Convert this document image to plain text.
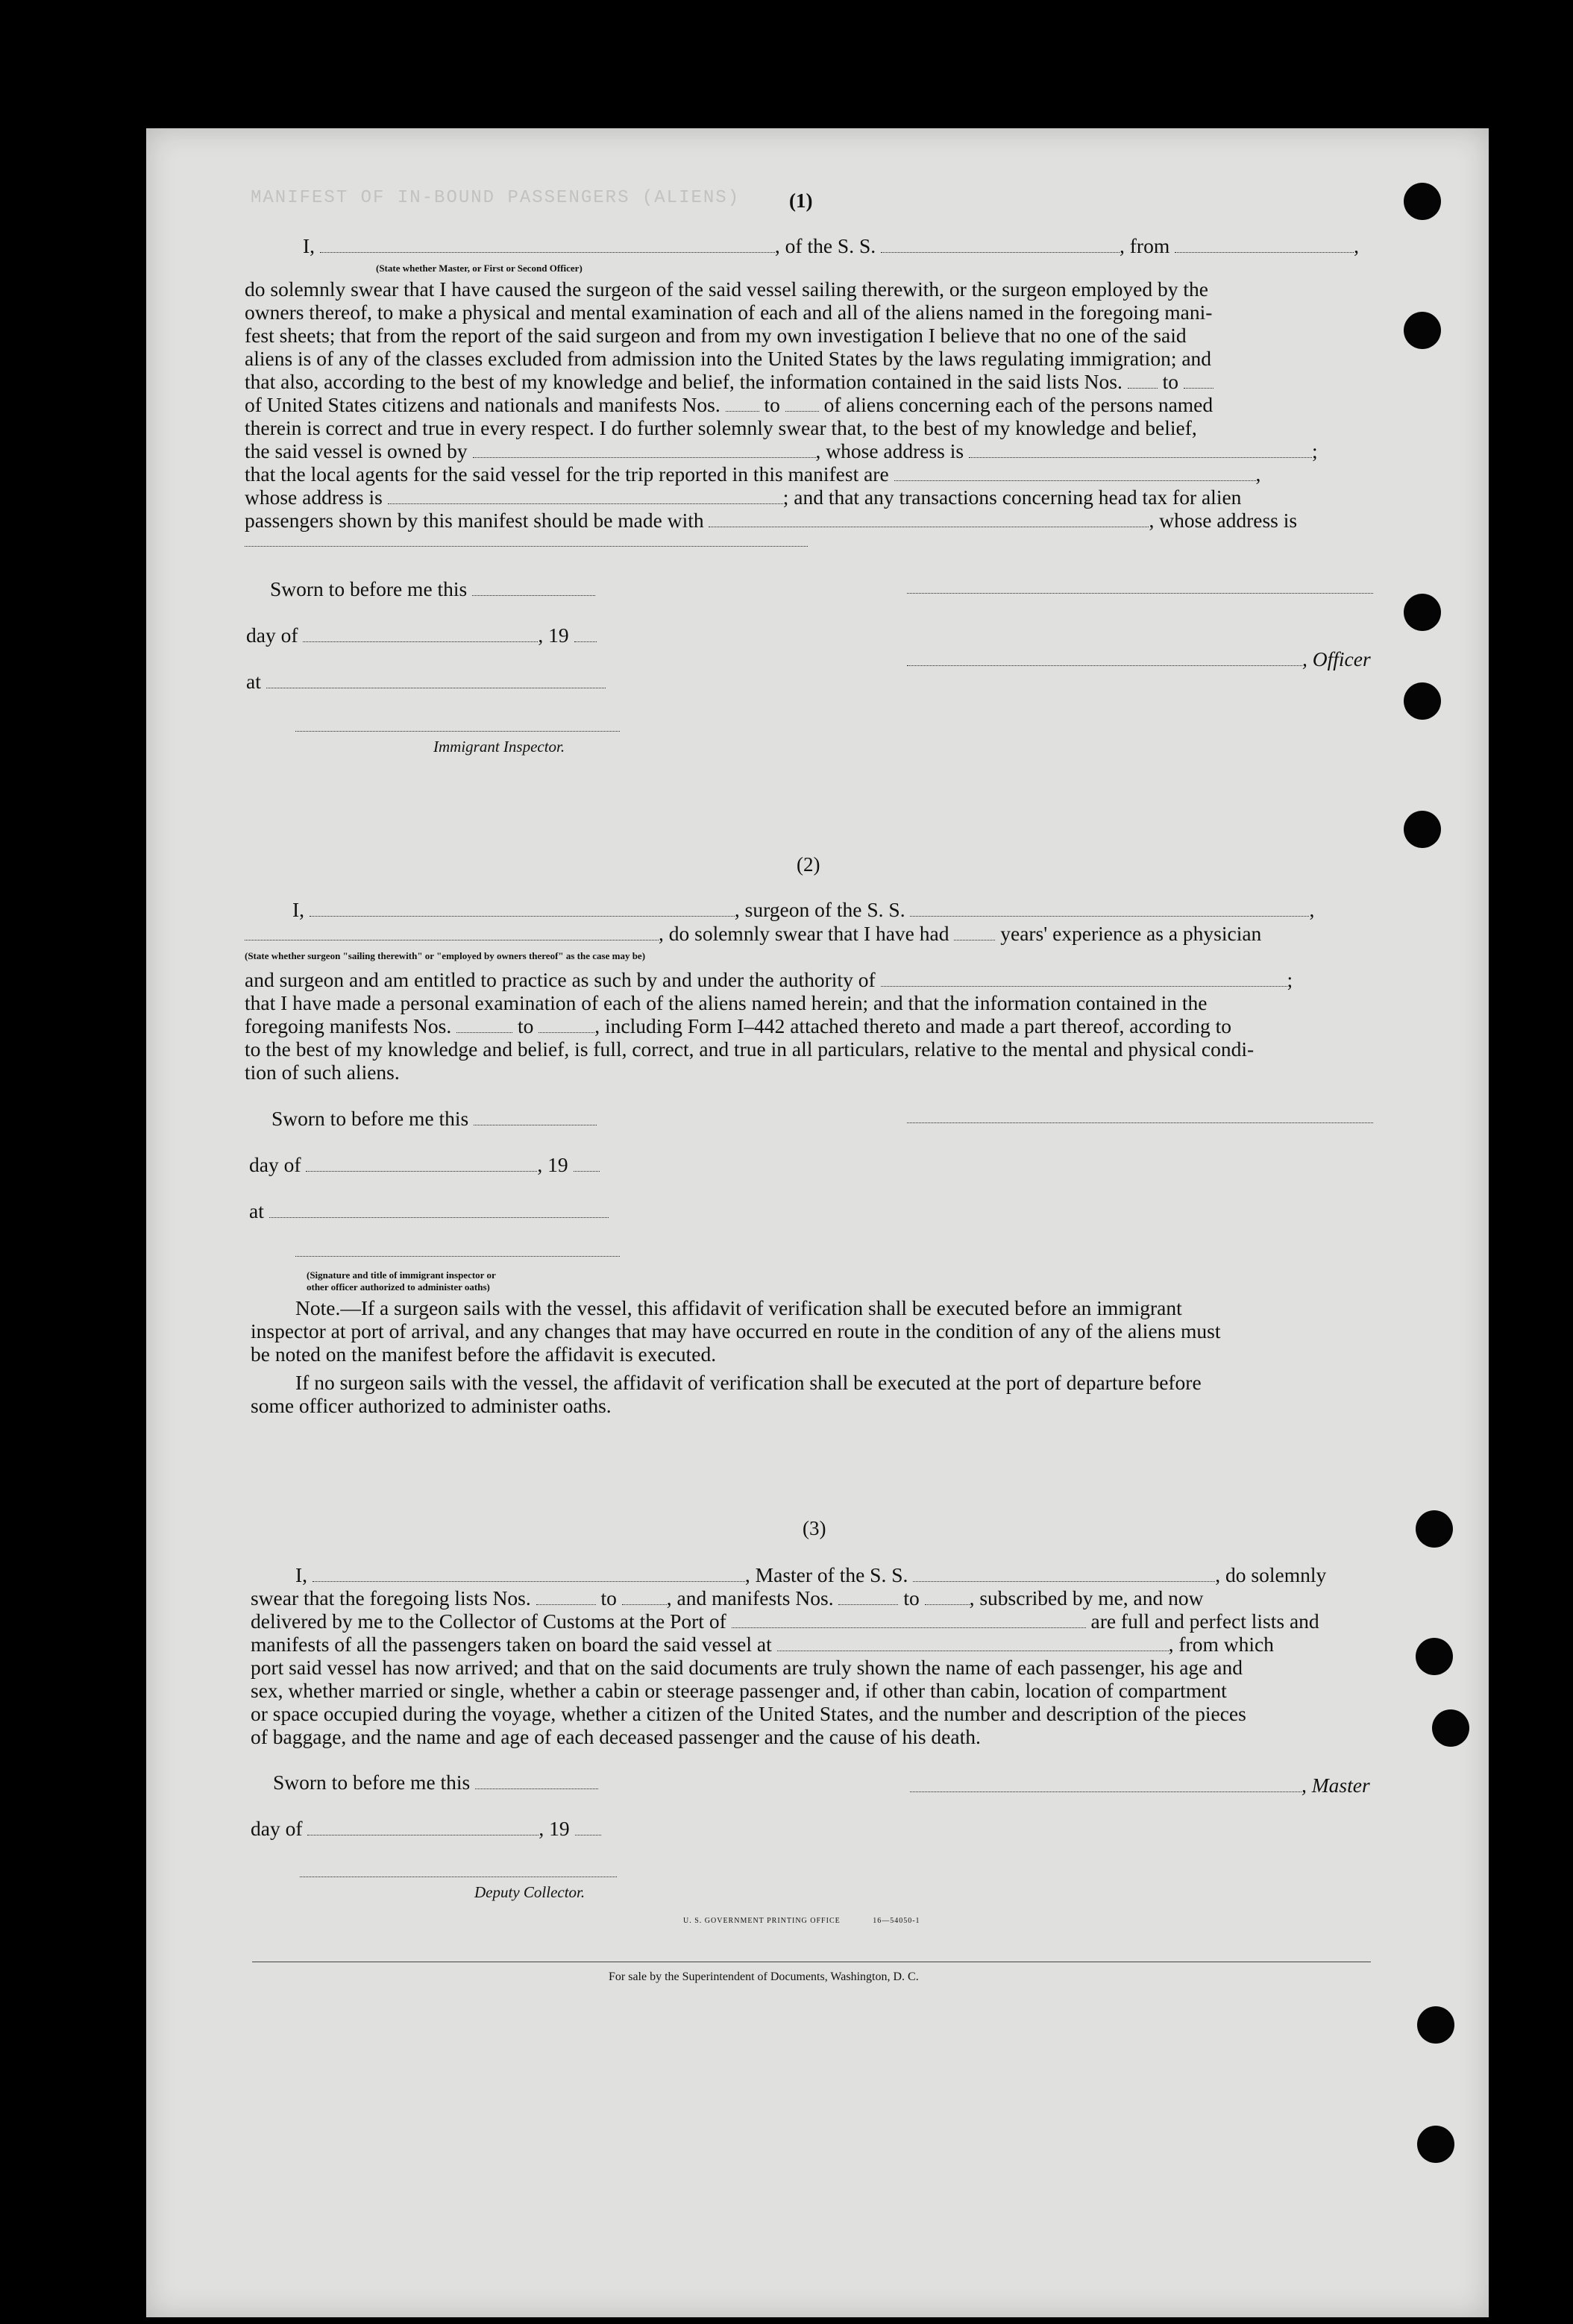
MANIFEST OF IN-BOUND PASSENGERS (ALIENS) (1)
I,	, of the S. S.	, from	,
(State whether Master, or First or Second Officer)
do solemnly swear that I have caused the surgeon of the said vessel sailing therewith, or the surgeon employed by the
owners thereof, to make a physical and mental examination of each and all of the aliens named in the foregoing mani-
fest sheets; that from the report of the said surgeon and from my own investigation I believe that no one of the said
aliens is of any of the classes excluded from admission into the United States by the laws regulating immigration; and
that also, according to the best of my knowledge and belief, the information contained in the said lists Nos. to
of United States citizens and nationals and manifests Nos. to of aliens concerning each of the persons named
therein is correct and true in every respect. I do further solemnly swear that, to the best of my knowledge and belief,
the said vessel is owned by	, whose address is	;
that the local agents for the said vessel for the trip reported in this manifest are	,
whose address is	; and that any transactions concerning head tax for alien
passengers shown by this manifest should be made with	, whose address is
Sworn to before me this
day of	, 19
, Officer
at
Immigrant Inspector.
(2)
I,	, surgeon of the S. S.	,
, do solemnly swear that I have had	years' experience as a physician
(State whether surgeon "sailing therewith" or "employed by owners thereof" as the case may be)
and surgeon and am entitled to practice as such by and under the authority of	;
that I have made a personal examination of each of the aliens named herein; and that the information contained in the
foregoing manifests Nos.	to	, including Form I–442 attached thereto and made a part thereof, according to
to the best of my knowledge and belief, is full, correct, and true in all particulars, relative to the mental and physical condi-
tion of such aliens.
Sworn to before me this
day of	, 19
at
(Signature and title of immigrant inspector or
other officer authorized to administer oaths)
Note.—If a surgeon sails with the vessel, this affidavit of verification shall be executed before an immigrant
inspector at port of arrival, and any changes that may have occurred en route in the condition of any of the aliens must
be noted on the manifest before the affidavit is executed.
If no surgeon sails with the vessel, the affidavit of verification shall be executed at the port of departure before
some officer authorized to administer oaths.
(3)
I,	, Master of the S. S.	, do solemnly
swear that the foregoing lists Nos.	to , and manifests Nos.	to , subscribed by me, and now
delivered by me to the Collector of Customs at the Port of	are full and perfect lists and
manifests of all the passengers taken on board the said vessel at	, from which
port said vessel has now arrived; and that on the said documents are truly shown the name of each passenger, his age and
sex, whether married or single, whether a cabin or steerage passenger and, if other than cabin, location of compartment
or space occupied during the voyage, whether a citizen of the United States, and the number and description of the pieces
of baggage, and the name and age of each deceased passenger and the cause of his death.
Sworn to before me this	, Master
day of	, 19
Deputy Collector.
U. S. GOVERNMENT PRINTING OFFICE	16—54050-1
For sale by the Superintendent of Documents, Washington, D. C.
